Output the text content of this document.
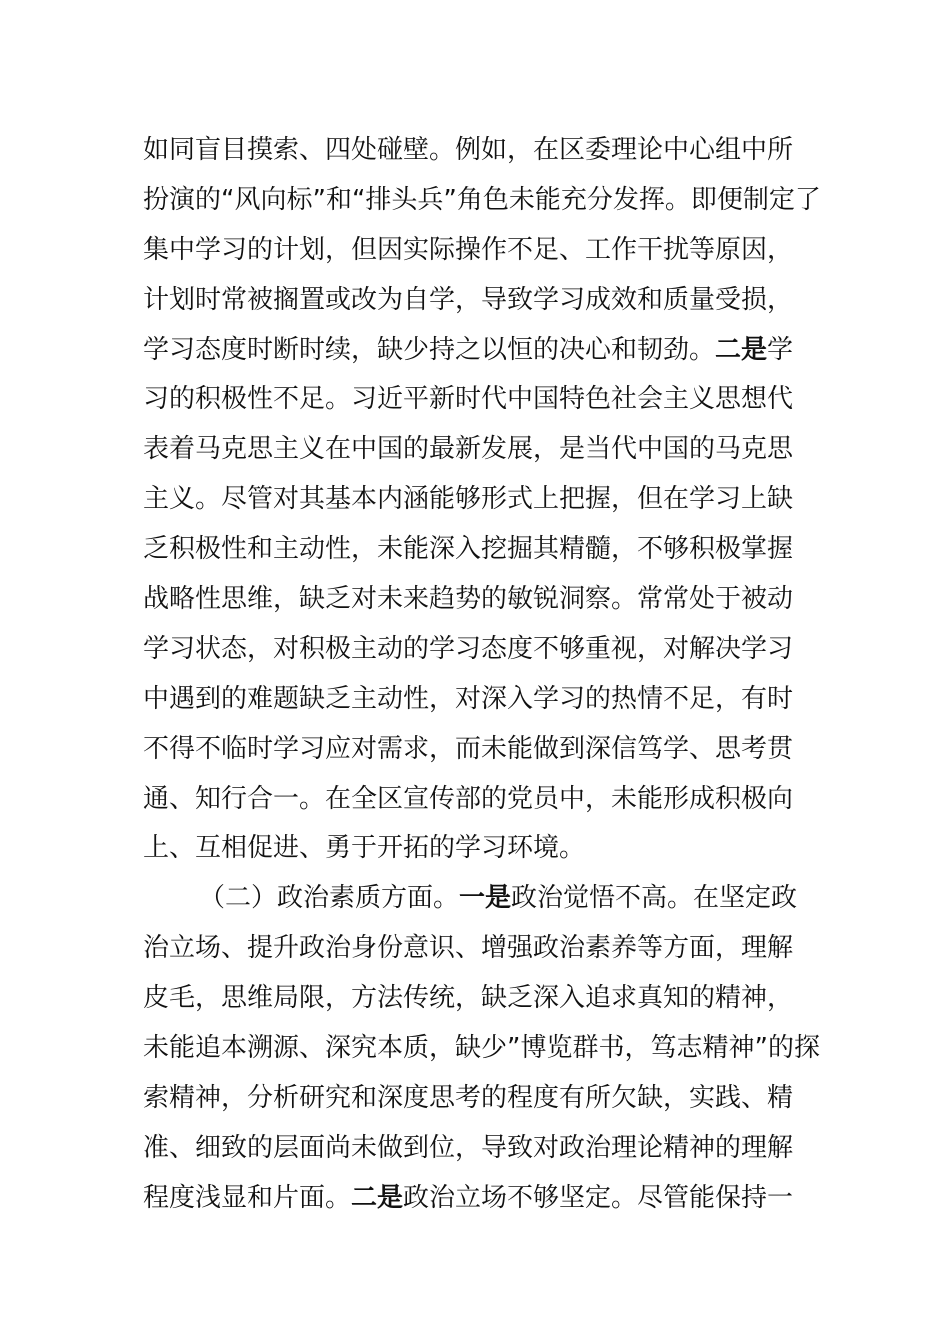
如同盲目摸索、四处碰壁。例如，在区委理论中心组中所
扮演的“风向标”和“排头兵”角色未能充分发挥。即便制定了
集中学习的计划，但因实际操作不足、工作干扰等原因，
计划时常被搁置或改为自学，导致学习成效和质量受损，
学习态度时断时续，缺少持之以恒的决心和韧劲。二是学
习的积极性不足。习近平新时代中国特色社会主义思想代
表着马克思主义在中国的最新发展，是当代中国的马克思
主义。尽管对其基本内涵能够形式上把握，但在学习上缺
乏积极性和主动性，未能深入挖掘其精髓，不够积极掌握
战略性思维，缺乏对未来趋势的敏锐洞察。常常处于被动
学习状态，对积极主动的学习态度不够重视，对解决学习
中遇到的难题缺乏主动性，对深入学习的热情不足，有时
不得不临时学习应对需求，而未能做到深信笃学、思考贯
通、知行合一。在全区宣传部的党员中，未能形成积极向
上、互相促进、勇于开拓的学习环境。
（二）政治素质方面。一是政治觉悟不高。在坚定政
治立场、提升政治身份意识、增强政治素养等方面，理解
皮毛，思维局限，方法传统，缺乏深入追求真知的精神，
未能追本溯源、深究本质，缺少”博览群书，笃志精神”的探
索精神，分析研究和深度思考的程度有所欠缺，实践、精
准、细致的层面尚未做到位，导致对政治理论精神的理解
程度浅显和片面。二是政治立场不够坚定。尽管能保持一
